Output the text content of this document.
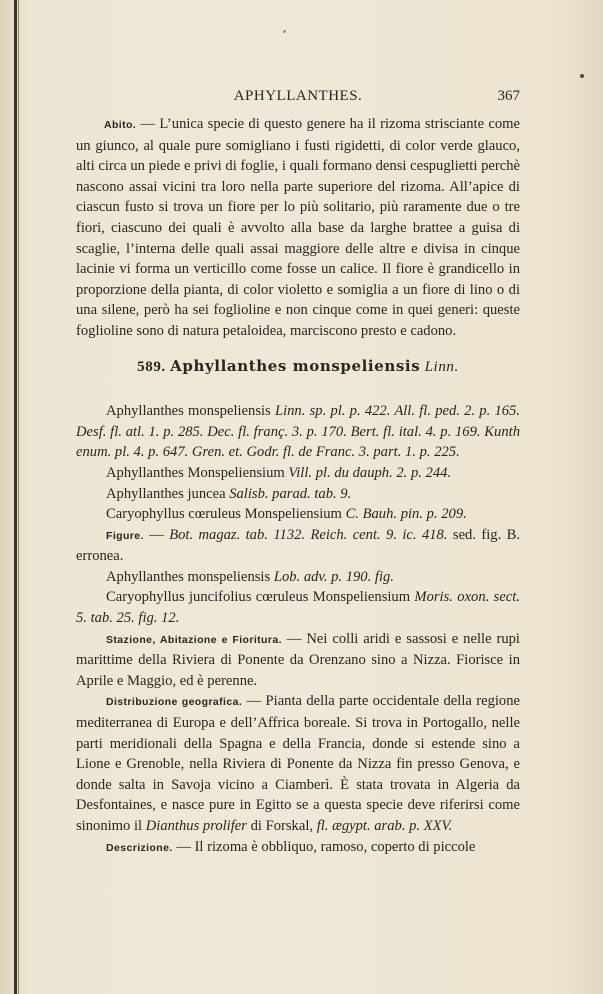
APHYLLANTHES.	367

Abito. — L’unica specie di questo genere ha il rizoma strisciante come un giunco, al quale pure somigliano i fusti rigidetti, di color verde glauco, alti circa un piede e privi di foglie, i quali formano densi cespuglietti perchè nascono assai vicini tra loro nella parte superiore del rizoma. All’apice di ciascun fusto si trova un fiore per lo più solitario, più raramente due o tre fiori, ciascuno dei quali è avvolto alla base da larghe brattee a guisa di scaglie, l’interna delle quali assai maggiore delle altre e divisa in cinque lacinie vi forma un verticillo come fosse un calice. Il fiore è grandicello in proporzione della pianta, di color violetto e somiglia a un fiore di lino o di una silene, però ha sei foglioline e non cinque come in quei generi: queste foglioline sono di natura petaloidea, marciscono presto e cadono.

589. Aphyllanthes monspeliensis Linn.

Aphyllanthes monspeliensis Linn. sp. pl. p. 422. All. fl. ped. 2. p. 165. Desf. fl. atl. 1. p. 285. Dec. fl. franç. 3. p. 170. Bert. fl. ital. 4. p. 169. Kunth enum. pl. 4. p. 647. Gren. et. Godr. fl. de Franc. 3. part. 1. p. 225.

Aphyllanthes Monspeliensium Vill. pl. du dauph. 2. p. 244.

Aphyllanthes juncea Salisb. parad. tab. 9.

Caryophyllus cœruleus Monspeliensium C. Bauh. pin. p. 209.

Figure. — Bot. magaz. tab. 1132. Reich. cent. 9. ic. 418. sed. fig. B. erronea.

Aphyllanthes monspeliensis Lob. adv. p. 190. fig.

Caryophyllus juncifolius cœruleus Monspeliensium Moris. oxon. sect. 5. tab. 25. fig. 12.

Stazione, Abitazione e Fioritura. — Nei colli aridi e sassosi e nelle rupi marittime della Riviera di Ponente da Orenzano sino a Nizza. Fiorisce in Aprile e Maggio, ed è perenne.

Distribuzione geografica. — Pianta della parte occidentale della regione mediterranea di Europa e dell’Affrica boreale. Si trova in Portogallo, nelle parti meridionali della Spagna e della Francia, donde si estende sino a Lione e Grenoble, nella Riviera di Ponente da Nizza fin presso Genova, e donde salta in Savoja vicino a Ciamberì. È stata trovata in Algeria da Desfontaines, e nasce pure in Egitto se a questa specie deve riferirsi come sinonimo il Dianthus prolifer di Forskal, fl. ægypt. arab. p. XXV.

Descrizione. — Il rizoma è obbliquo, ramoso, coperto di piccole
